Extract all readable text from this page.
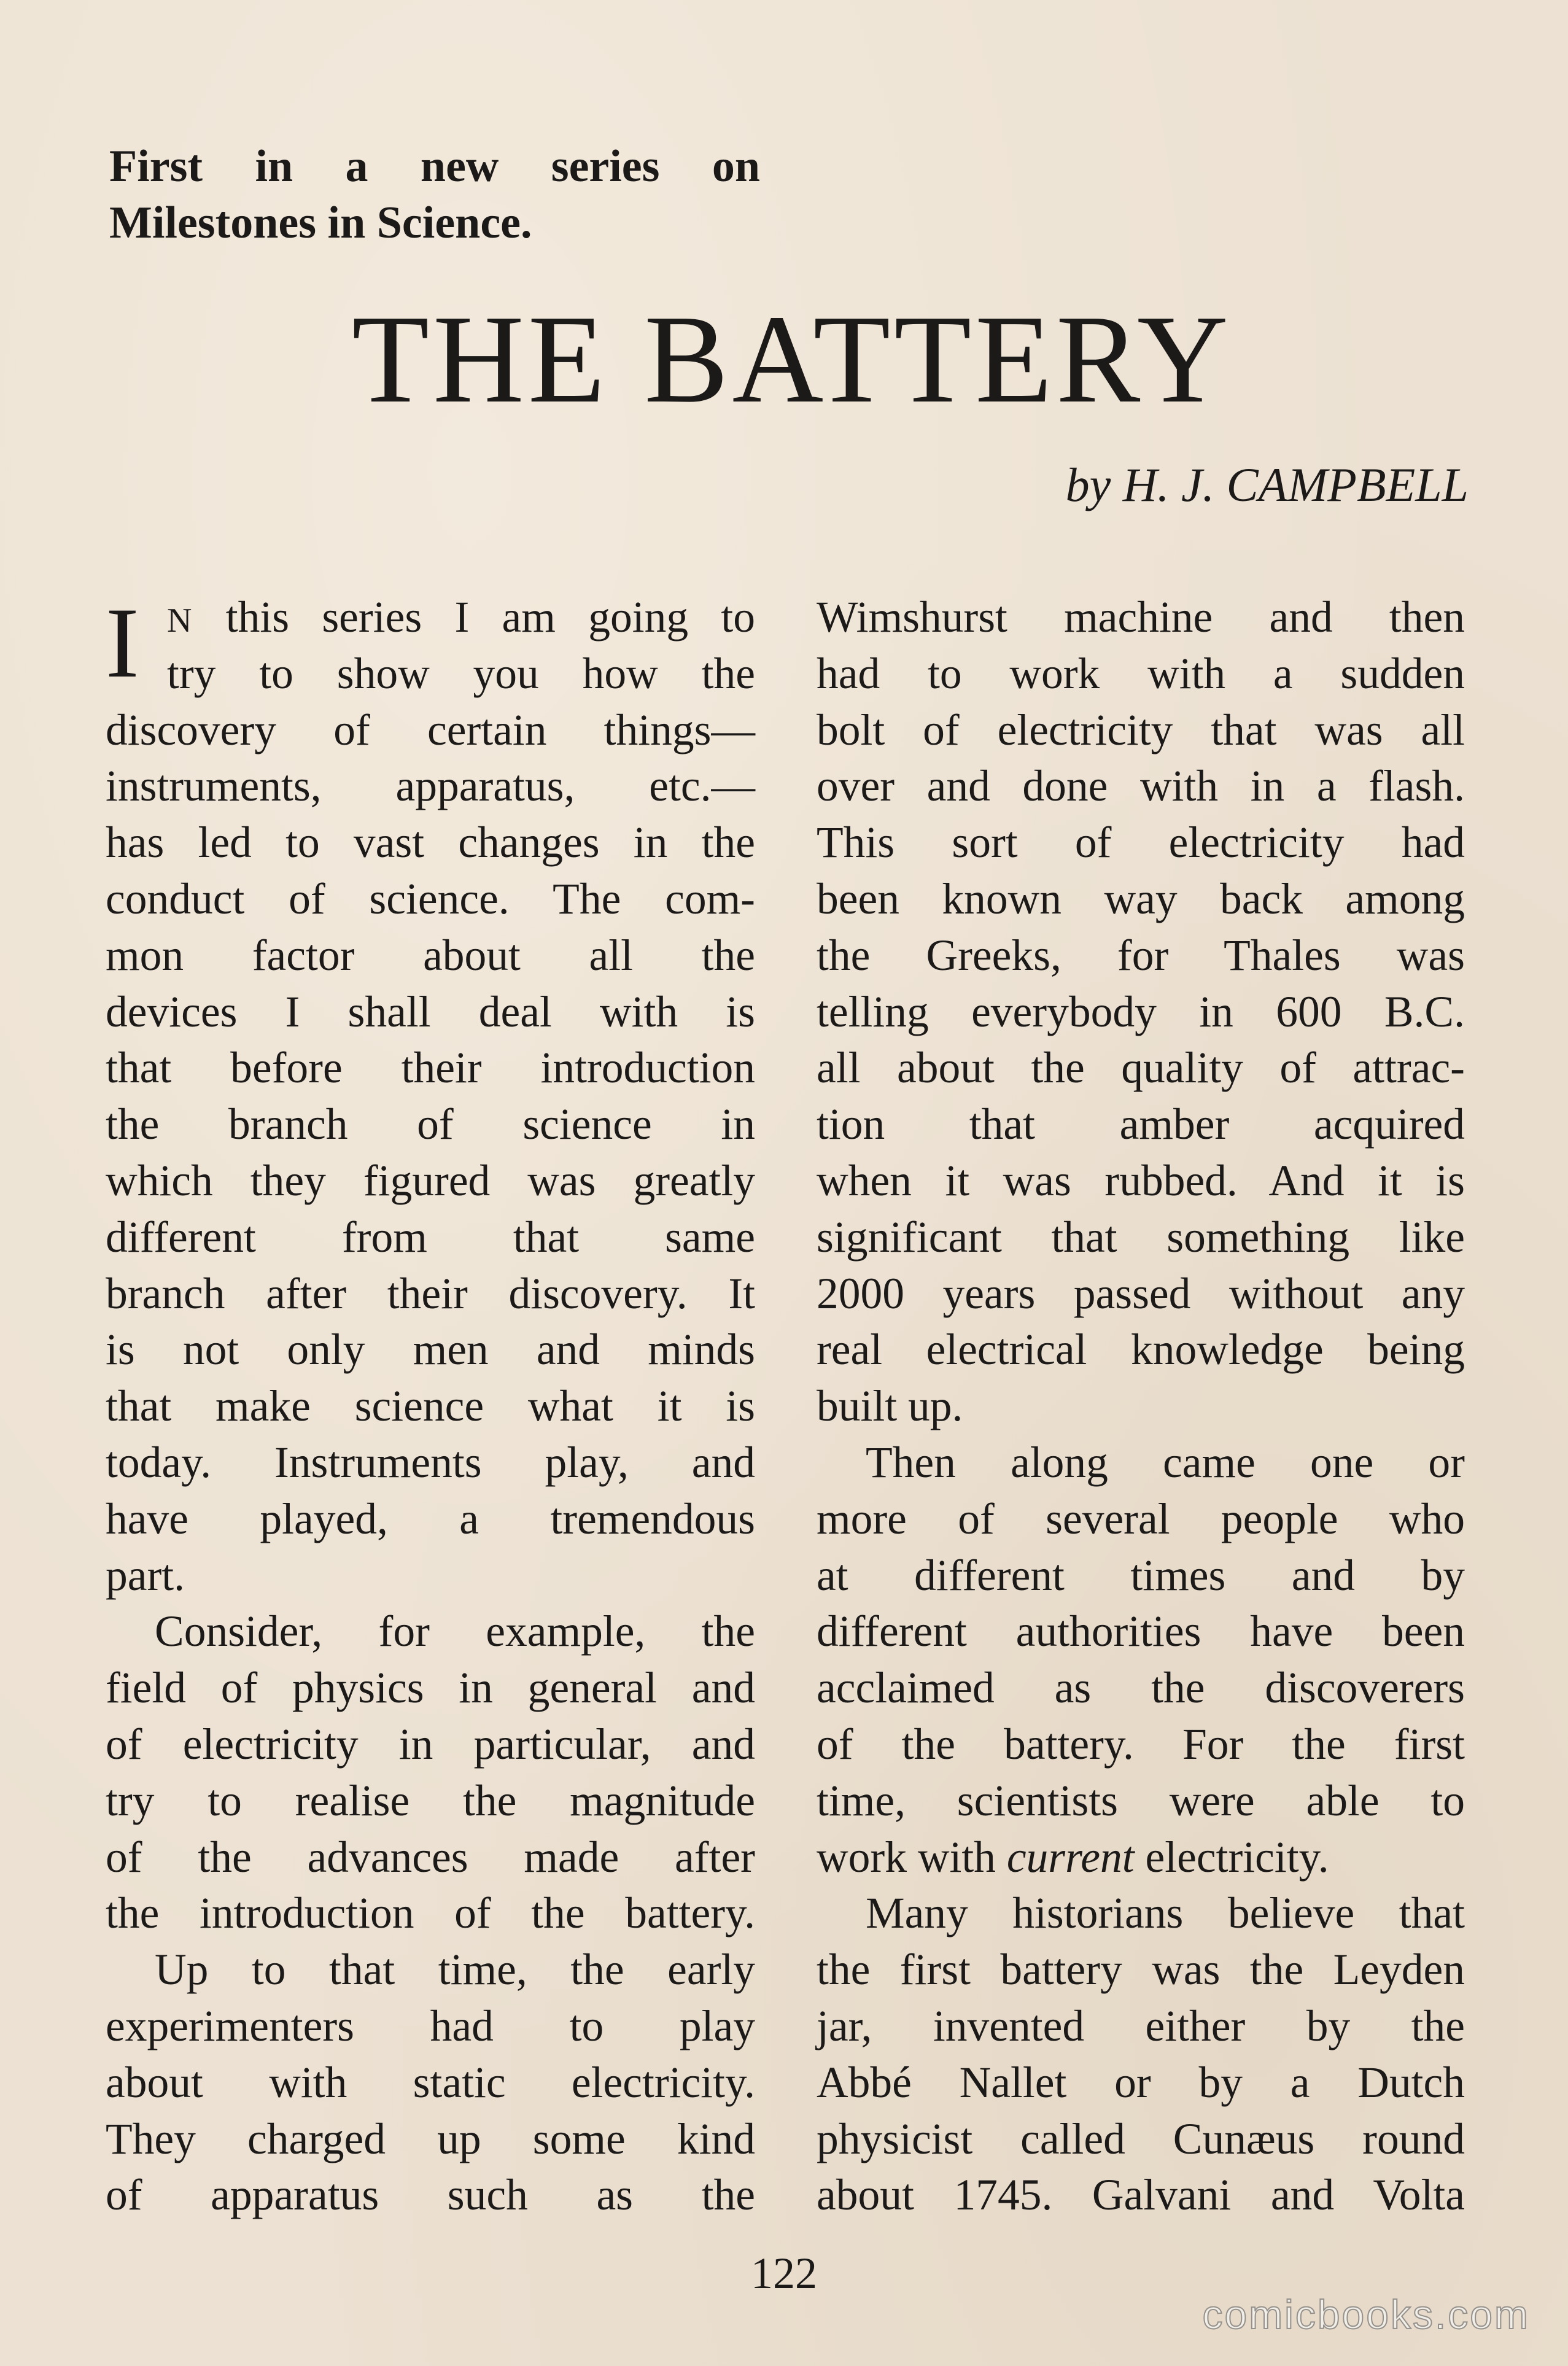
First in a new series on

Milestones in Science.

THE BATTERY

by H. J. CAMPBELL

I N this series I am going to
try to show you how the
discovery of certain things—
instruments, apparatus, etc.—
has led to vast changes in the
conduct of science. The com-
mon factor about all the
devices I shall deal with is
that before their introduction
the branch of science in
which they figured was greatly
different from that same
branch after their discovery. It
is not only men and minds
that make science what it is
today. Instruments play, and
have played, a tremendous
part.
Consider, for example, the
field of physics in general and
of electricity in particular, and
try to realise the magnitude
of the advances made after
the introduction of the battery.
Up to that time, the early
experimenters had to play
about with static electricity.
They charged up some kind
of apparatus such as the
Wimshurst machine and then
had to work with a sudden
bolt of electricity that was all
over and done with in a flash.
This sort of electricity had
been known way back among
the Greeks, for Thales was
telling everybody in 600 B.C.
all about the quality of attrac-
tion that amber acquired
when it was rubbed. And it is
significant that something like
2000 years passed without any
real electrical knowledge being
built up.
Then along came one or
more of several people who
at different times and by
different authorities have been
acclaimed as the discoverers
of the battery. For the first
time, scientists were able to
work with current electricity.
Many historians believe that
the first battery was the Leyden
jar, invented either by the
Abbé Nallet or by a Dutch
physicist called Cunæus round
about 1745. Galvani and Volta
122
comicbooks.com
